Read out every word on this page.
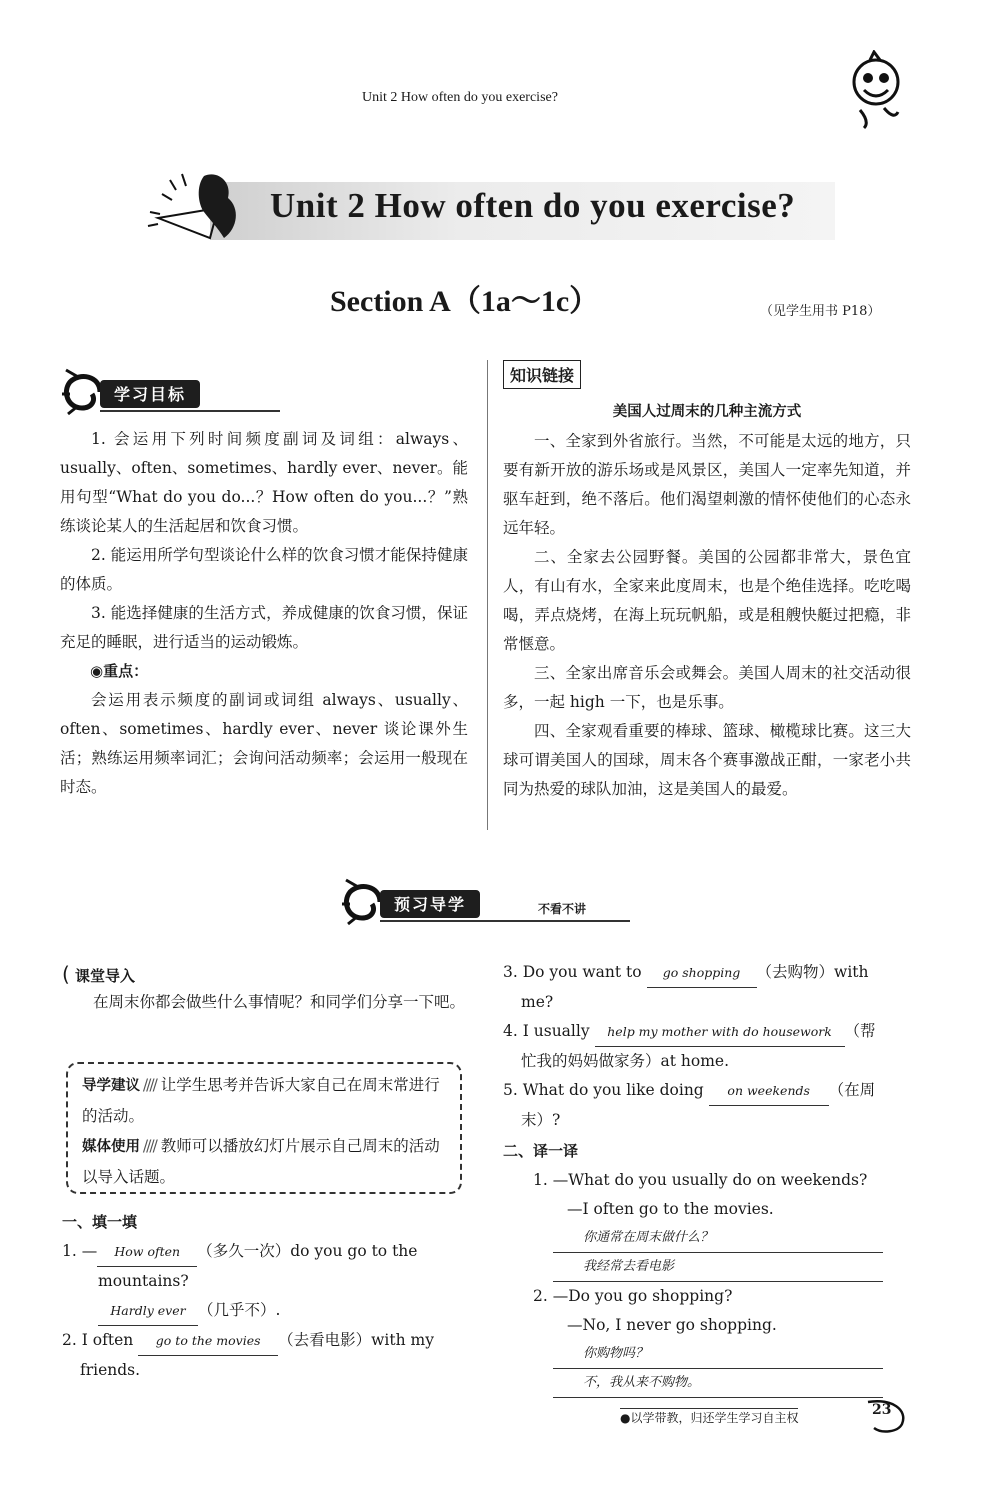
Unit 2 How often do you exercise?
Unit 2 How often do you exercise?
Section A（1a～1c）	（见学生用书 P18）
学习目标

1. 会运用下列时间频度副词及词组：always、usually、often、sometimes、hardly ever、never。能用句型“What do you do...？How often do you...？”熟练谈论某人的生活起居和饮食习惯。

2. 能运用所学句型谈论什么样的饮食习惯才能保持健康的体质。

3. 能选择健康的生活方式，养成健康的饮食习惯，保证充足的睡眠，进行适当的运动锻炼。

◉重点：

会运用表示频度的副词或词组 always、usually、often、sometimes、hardly ever、never 谈论课外生活；熟练运用频率词汇；会询问活动频率；会运用一般现在时态。

知识链接

美国人过周末的几种主流方式

一、全家到外省旅行。当然，不可能是太远的地方，只要有新开放的游乐场或是风景区，美国人一定率先知道，并驱车赶到，绝不落后。他们渴望刺激的情怀使他们的心态永远年轻。

二、全家去公园野餐。美国的公园都非常大，景色宜人，有山有水，全家来此度周末，也是个绝佳选择。吃吃喝喝，弄点烧烤，在海上玩玩帆船，或是租艘快艇过把瘾，非常惬意。

三、全家出席音乐会或舞会。美国人周末的社交活动很多，一起 high 一下，也是乐事。

四、全家观看重要的棒球、篮球、橄榄球比赛。这三大球可谓美国人的国球，周末各个赛事激战正酣，一家老小共同为热爱的球队加油，这是美国人的最爱。

预习导学	不看不讲
( 课堂导入
在周末你都会做些什么事情呢？和同学们分享一下吧。

导学建议 //// 让学生思考并告诉大家自己在周末常进行的活动。

媒体使用 //// 教师可以播放幻灯片展示自己周末的活动以导入话题。

一、填一填
1. — How often （多久一次）do you go to the
mountains?
Hardly ever （几乎不）.
2. I often go to the movies （去看电影）with my
friends.
3. Do you want to go shopping （去购物）with
me?
4. I usually help my mother with do housework （帮
忙我的妈妈做家务）at home.
5. What do you like doing on weekends （在周
末）?
二、译一译
1. —What do you usually do on weekends?
—I often go to the movies.
你通常在周末做什么？
我经常去看电影
2. —Do you go shopping?
—No, I never go shopping.
你购物吗？
不，我从来不购物。
●以学带教，归还学生学习自主权	23
